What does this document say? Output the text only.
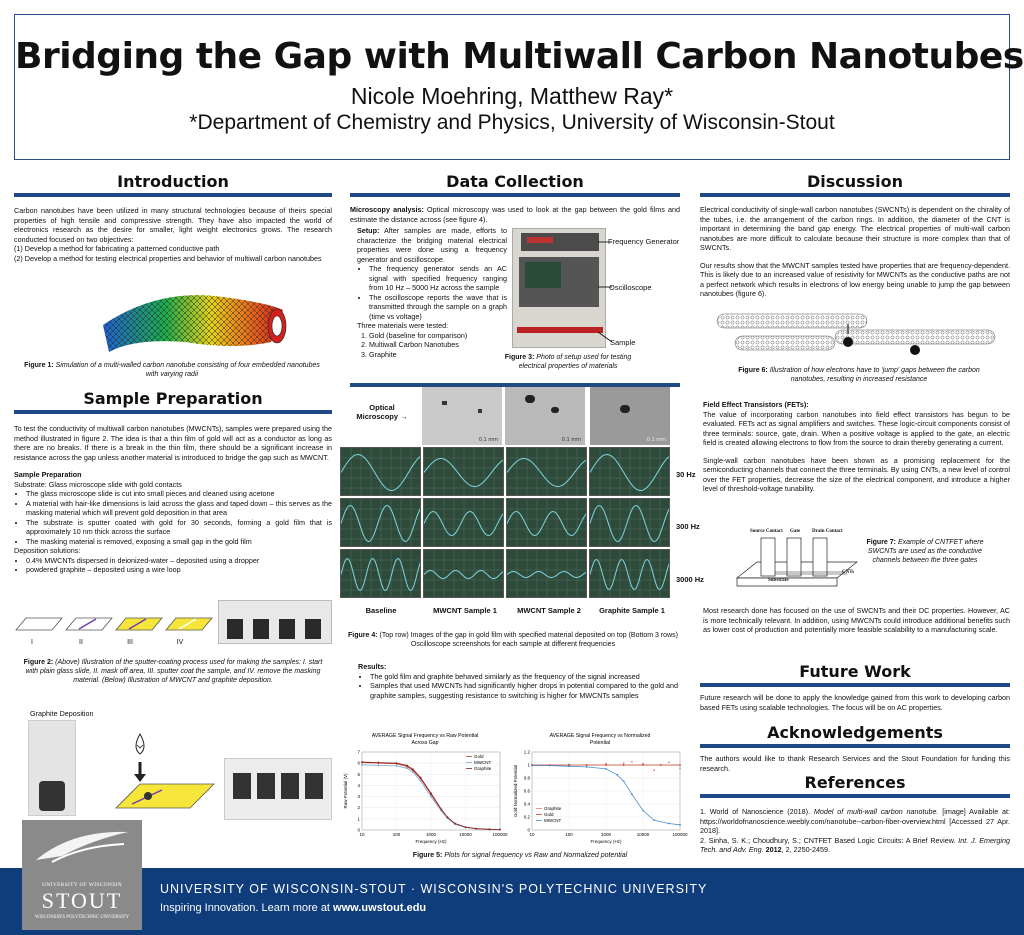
Bridging the Gap with Multiwall Carbon Nanotubes
Nicole Moehring, Matthew Ray*
*Department of Chemistry and Physics, University of Wisconsin-Stout
Introduction

Carbon nanotubes have been utilized in many structural technologies because of theirs special properties of high tensile and compressive strength. They have also impacted the world of electronics research as the desire for smaller, light weight electronics grows. The research conducted focused on two objectives:

(1) Develop a method for fabricating a patterned conductive path

(2) Develop a method for testing electrical properties and behavior of multiwall carbon nanotubes

Figure 1: Simulation of a multi-walled carbon nanotube consisting of four embedded nanotubes with varying radii
Sample Preparation

To test the conductivity of multiwall carbon nanotubes (MWCNTs), samples were prepared using the method illustrated in figure 2. The idea is that a thin film of gold will act as a conductor as long as there are no breaks. If there is a break in the thin film, there should be a significant increase in resistance across the gap unless another material is introduced to bridge the gap such as MWCNT.

Sample Preparation

Substrate: Glass microscope slide with gold contacts

• The glass microscope slide is cut into small pieces and cleaned using acetone
• A material with hair-like dimensions is laid across the glass and taped down – this serves as the masking material which will prevent gold deposition in that area
• The substrate is sputter coated with gold for 30 seconds, forming a gold film that is approximately 10 nm thick across the surface
• The masking material is removed, exposing a small gap in the gold film

Deposition solutions:

• 0.4% MWCNTs dispersed in deionized-water – deposited using a dropper
• powdered graphite – deposited using a wire loop
I	II	III	IV
Figure 2: (Above) Illustration of the sputter-coating process used for making the samples: I. start with plain glass slide, II. mask off area, III. sputter coat the sample, and IV. remove the masking material. (Below) Illustration of MWCNT and graphite deposition.
Graphite Deposition
Data Collection

Microscopy analysis: Optical microscopy was used to look at the gap between the gold films and estimate the distance across (see figure 4).

Setup: After samples are made, efforts to characterize the bridging material electrical properties were done using a frequency generator and oscilloscope.

• The frequency generator sends an AC signal with specified frequency ranging from 10 Hz – 5000 Hz across the sample
• The oscilloscope reports the wave that is transmitted through the sample on a graph (time vs voltage)

Three materials were tested:

1. Gold (baseline for comparison)
2. Multiwall Carbon Nanotubes
3. Graphite
Frequency Generator
Oscilloscope
Sample
Figure 3: Photo of setup used for testing electrical properties of materials
Optical Microscopy →
0.1 mm	0.1 mm	0.1 mm
30 Hz
300 Hz
3000 Hz
Baseline	MWCNT Sample 1	MWCNT Sample 2	Graphite Sample 1
Figure 4: (Top row) Images of the gap in gold film with specified material deposited on top (Bottom 3 rows) Oscilloscope screenshots for each sample at different frequencies

Results:

• The gold film and graphite behaved similarly as the frequency of the signal increased
• Samples that used MWCNTs had significantly higher drops in potential compared to the gold and graphite samples, suggesting resistance to switching is higher for MWCNTs samples
AVERAGE Signal Frequency vs Raw Potential
Across Gap
0
1
2
3
4
5
6
7
10	100	1000	10000	100000
Frequency (Hz)
Raw Potential (V)
Gold
MWCNT
Graphite
AVERAGE Signal Frequency vs Normalized
Potential
0
0.2
0.4
0.6
0.8
1
1.2
10	100	1000	10000	100000
Frequency (Hz)
Gold Normalized Potential	Graphite
Gold
MWCNT
Figure 5: Plots for signal frequency vs Raw and Normalized potential
Discussion

Electrical conductivity of single-wall carbon nanotubes (SWCNTs) is dependent on the chirality of the tubes, i.e. the arrangement of the carbon rings. In addition, the diameter of the CNT is important in determining the band gap energy. The electrical properties of multi-wall carbon nanotubes are more difficult to calculate because their structure is more complex than that of SWCNTs.

Our results show that the MWCNT samples tested have properties that are frequency-dependent. This is likely due to an increased value of resistivity for MWCNTs as the conductive paths are not a perfect network which results in electrons of low energy being unable to jump the gap between nanotubes (figure 6).

Figure 6: Illustration of how electrons have to 'jump' gaps between the carbon nanotubes, resulting in increased resistance

Field Effect Transistors (FETs):

The value of incorporating carbon nanotubes into field effect transistors has begun to be evaluated. FETs act as signal amplifiers and switches. These logic-circuit components consist of three terminals: source, gate, drain. When a positive voltage is applied to the gate, an electric field is created allowing electrons to flow from the source to drain thereby generating a current.

Single-wall carbon nanotubes have been shown as a promising replacement for the semiconducting channels that connect the three terminals. By using CNTs, a new level of control over the FET properties, decrease the size of the electrical component, and introduce a higher level of threshold-voltage tunability.

Source Contact Gate Drain Contact
CNTs
Substrate
Figure 7: Example of CNTFET where SWCNTs are used as the conductive channels between the three gates
Most research done has focused on the use of SWCNTs and their DC properties. However, AC is more technically relevant. In addition, using MWCNTs could introduce additional benefits such as lower cost of production and potentially more feasible scalability to a manufacturing scale.
Future Work
Future research will be done to apply the knowledge gained from this work to developing carbon based FETs using scalable technologies. The focus will be on AC properties.
Acknowledgements
The authors would like to thank Research Services and the Stout Foundation for funding this research.
References

1. World of Nanoscience (2018). Model of multi-wall carbon nanotube. [image] Available at: https://worldofnanoscience.weebly.com/nanotube--carbon-fiber-overview.html [Accessed 27 Apr. 2018].

2. Sinha, S. K.; Choudhury, S.; CNTFET Based Logic Circuits: A Brief Review. Int. J. Emerging Tech. and Adv. Eng. 2012, 2, 2250-2459.

UNIVERSITY OF WISCONSIN-STOUT · WISCONSIN'S POLYTECHNIC UNIVERSITY
Inspiring Innovation. Learn more at www.uwstout.edu
UNIVERSITY OF WISCONSIN
STOUT
WISCONSIN'S POLYTECHNIC UNIVERSITY
